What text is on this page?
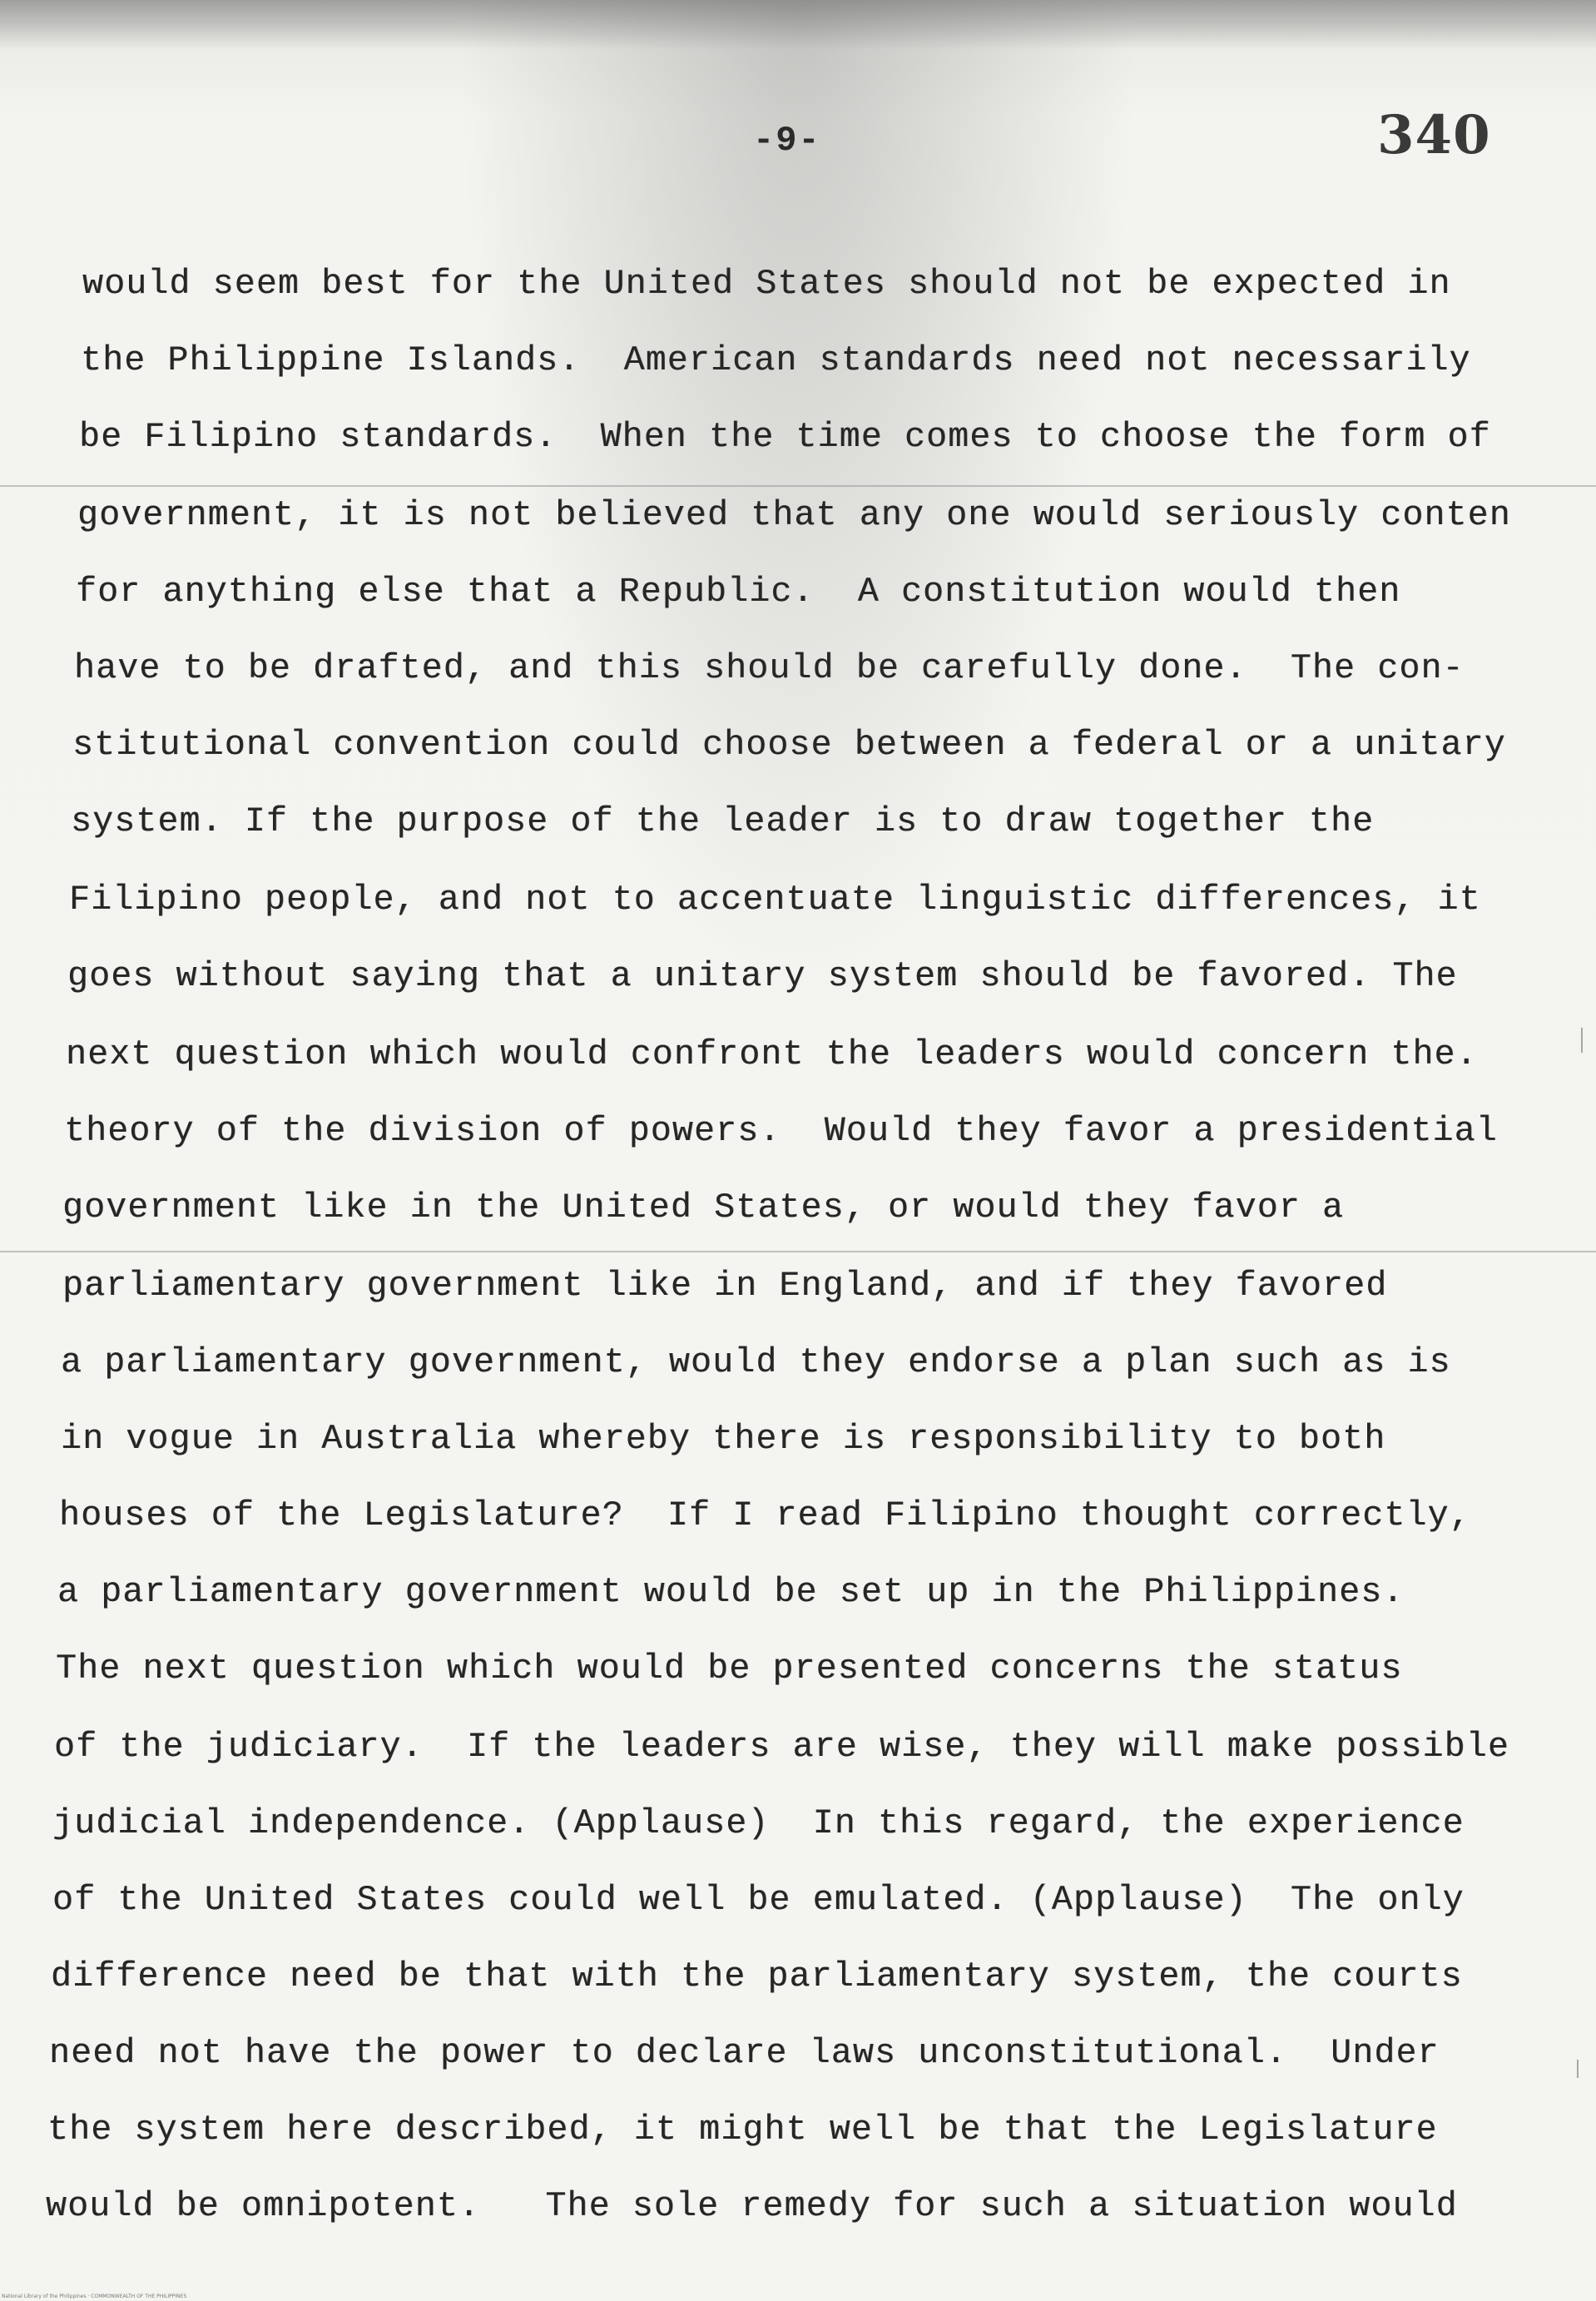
-9-	340
would seem best for the United States should not be expected in
the Philippine Islands.  American standards need not necessarily
be Filipino standards.  When the time comes to choose the form of
government, it is not believed that any one would seriously conten
for anything else that a Republic.  A constitution would then
have to be drafted, and this should be carefully done.  The con-
stitutional convention could choose between a federal or a unitary
system. If the purpose of the leader is to draw together the
Filipino people, and not to accentuate linguistic differences, it
goes without saying that a unitary system should be favored. The
next question which would confront the leaders would concern the.
theory of the division of powers.  Would they favor a presidential
government like in the United States, or would they favor a
parliamentary government like in England, and if they favored
a parliamentary government, would they endorse a plan such as is
in vogue in Australia whereby there is responsibility to both
houses of the Legislature?  If I read Filipino thought correctly,
a parliamentary government would be set up in the Philippines.
The next question which would be presented concerns the status
of the judiciary.  If the leaders are wise, they will make possible
judicial independence. (Applause)  In this regard, the experience
of the United States could well be emulated. (Applause)  The only
difference need be that with the parliamentary system, the courts
need not have the power to declare laws unconstitutional.  Under
the system here described, it might well be that the Legislature
would be omnipotent.   The sole remedy for such a situation would
National Library of the Philippines · COMMONWEALTH OF THE PHILIPPINES
